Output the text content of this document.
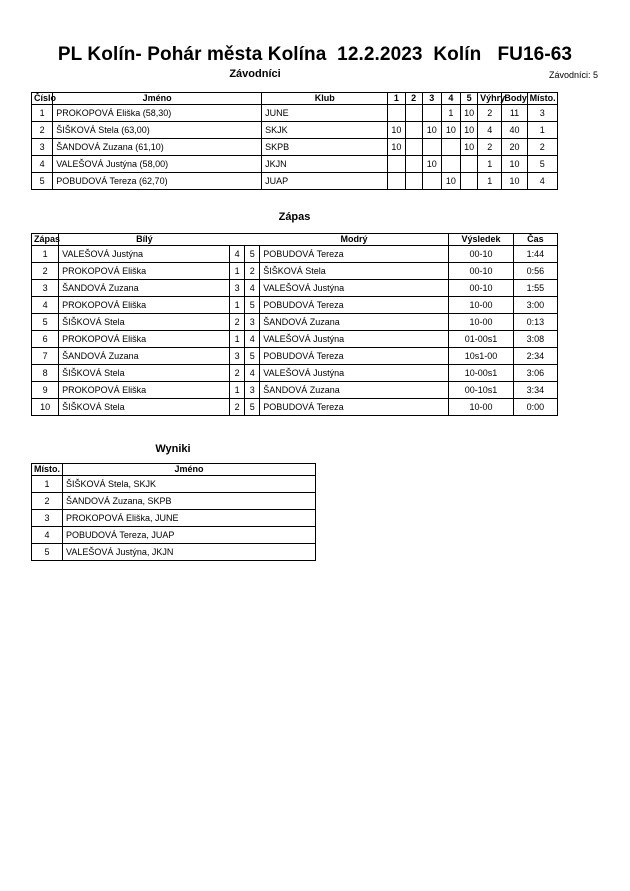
PL Kolín- Pohár města Kolína  12.2.2023  Kolín   FU16-63
Závodníci	Závodníci: 5
Číslo	Jméno	Klub	1	2	3	4	5	Výhry	Body	Místo.
1	PROKOPOVÁ Eliška (58,30)	JUNE				1	10	2	11	3
2	ŠIŠKOVÁ Stela (63,00)	SKJK	10		10	10	10	4	40	1
3	ŠANDOVÁ Zuzana (61,10)	SKPB	10				10	2	20	2
4	VALEŠOVÁ Justýna (58,00)	JKJN			10			1	10	5
5	POBUDOVÁ Tereza (62,70)	JUAP				10		1	10	4
Zápas
Zápas	Bílý			Modrý	Výsledek	Čas
1	VALEŠOVÁ Justýna	4	5	POBUDOVÁ Tereza	00-10	1:44
2	PROKOPOVÁ Eliška	1	2	ŠIŠKOVÁ Stela	00-10	0:56
3	ŠANDOVÁ Zuzana	3	4	VALEŠOVÁ Justýna	00-10	1:55
4	PROKOPOVÁ Eliška	1	5	POBUDOVÁ Tereza	10-00	3:00
5	ŠIŠKOVÁ Stela	2	3	ŠANDOVÁ Zuzana	10-00	0:13
6	PROKOPOVÁ Eliška	1	4	VALEŠOVÁ Justýna	01-00s1	3:08
7	ŠANDOVÁ Zuzana	3	5	POBUDOVÁ Tereza	10s1-00	2:34
8	ŠIŠKOVÁ Stela	2	4	VALEŠOVÁ Justýna	10-00s1	3:06
9	PROKOPOVÁ Eliška	1	3	ŠANDOVÁ Zuzana	00-10s1	3:34
10	ŠIŠKOVÁ Stela	2	5	POBUDOVÁ Tereza	10-00	0:00
Wyniki
Místo.	Jméno
1	ŠIŠKOVÁ Stela, SKJK
2	ŠANDOVÁ Zuzana, SKPB
3	PROKOPOVÁ Eliška, JUNE
4	POBUDOVÁ Tereza, JUAP
5	VALEŠOVÁ Justýna, JKJN
